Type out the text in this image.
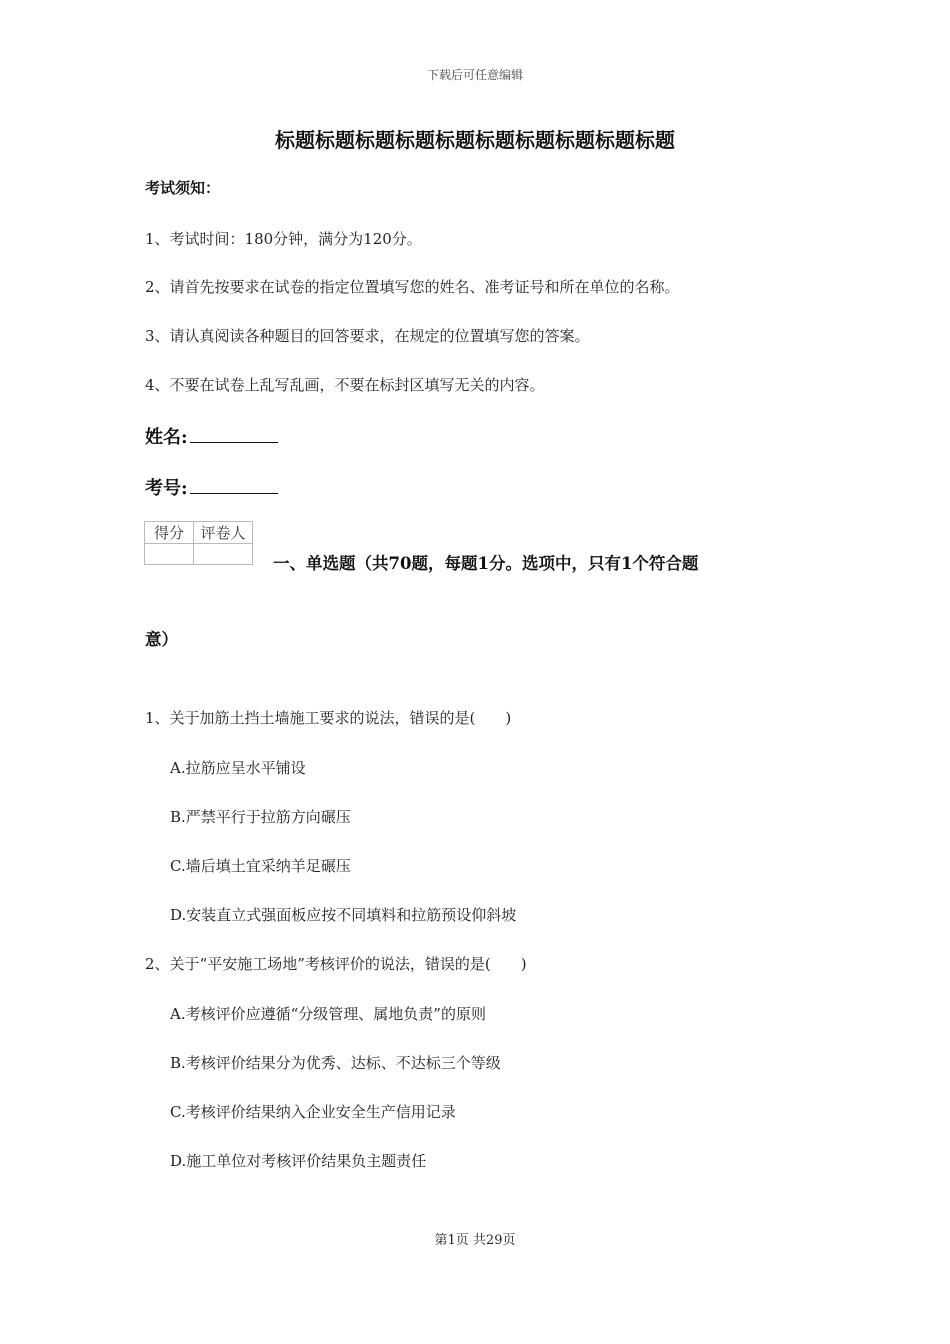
下载后可任意编辑
标题标题标题标题标题标题标题标题标题标题
考试须知：
1、考试时间：180分钟，满分为120分。
2、请首先按要求在试卷的指定位置填写您的姓名、准考证号和所在单位的名称。
3、请认真阅读各种题目的回答要求，在规定的位置填写您的答案。
4、不要在试卷上乱写乱画，不要在标封区填写无关的内容。
姓名:
考号:
得分	评卷人

一、单选题（共70题，每题1分。选项中，只有1个符合题
意）
1、关于加筋土挡土墙施工要求的说法，错误的是(　　)
A.拉筋应呈水平铺设
B.严禁平行于拉筋方向碾压
C.墙后填土宜采纳羊足碾压
D.安装直立式强面板应按不同填料和拉筋预设仰斜坡
2、关于“平安施工场地”考核评价的说法，错误的是(　　)
A.考核评价应遵循“分级管理、属地负责”的原则
B.考核评价结果分为优秀、达标、不达标三个等级
C.考核评价结果纳入企业安全生产信用记录
D.施工单位对考核评价结果负主题责任
第1页 共29页
